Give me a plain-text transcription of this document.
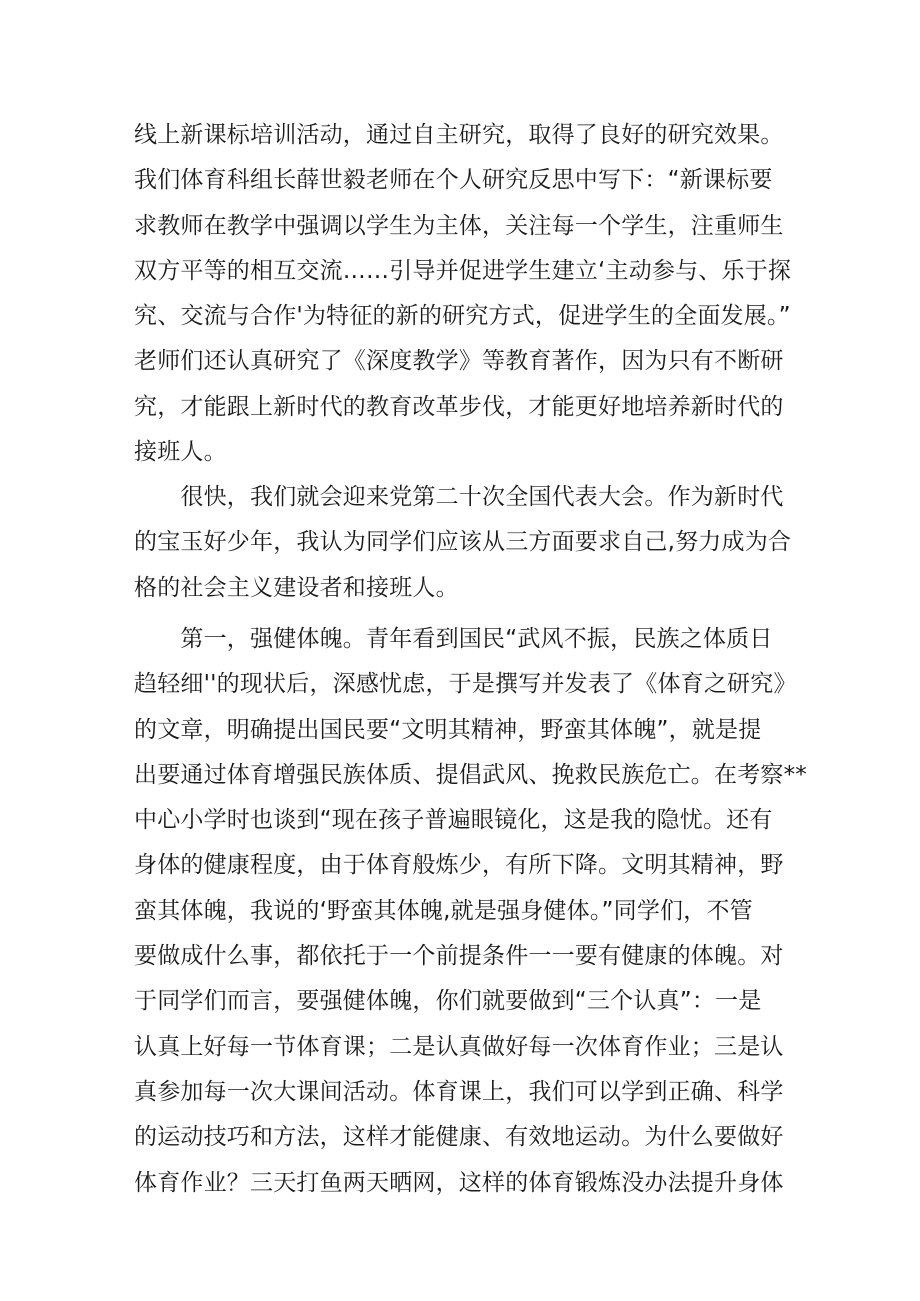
线上新课标培训活动，通过自主研究，取得了良好的研究效果。
我们体育科组长薛世毅老师在个人研究反思中写下：“新课标要
求教师在教学中强调以学生为主体，关注每一个学生，注重师生
双方平等的相互交流……引导并促进学生建立‘主动参与、乐于探
究、交流与合作'为特征的新的研究方式，促进学生的全面发展。”
老师们还认真研究了《深度教学》等教育著作，因为只有不断研
究，才能跟上新时代的教育改革步伐，才能更好地培养新时代的
接班人。
　　很快，我们就会迎来党第二十次全国代表大会。作为新时代
的宝玉好少年，我认为同学们应该从三方面要求自己,努力成为合
格的社会主义建设者和接班人。
　　第一，强健体魄。青年看到国民“武风不振，民族之体质日
趋轻细''的现状后，深感忧虑，于是撰写并发表了《体育之研究》
的文章，明确提出国民要“文明其精神，野蛮其体魄”，就是提
出要通过体育增强民族体质、提倡武风、挽救民族危亡。在考察**
中心小学时也谈到“现在孩子普遍眼镜化，这是我的隐忧。还有
身体的健康程度，由于体育般炼少，有所下降。文明其精神，野
蛮其体魄，我说的‘野蛮其体魄,就是强身健体。”同学们，不管
要做成什么事，都依托于一个前提条件一一要有健康的体魄。对
于同学们而言，要强健体魄，你们就要做到“三个认真”：一是
认真上好每一节体育课；二是认真做好每一次体育作业；三是认
真参加每一次大课间活动。体育课上，我们可以学到正确、科学
的运动技巧和方法，这样才能健康、有效地运动。为什么要做好
体育作业？三天打鱼两天晒网，这样的体育锻炼没办法提升身体
